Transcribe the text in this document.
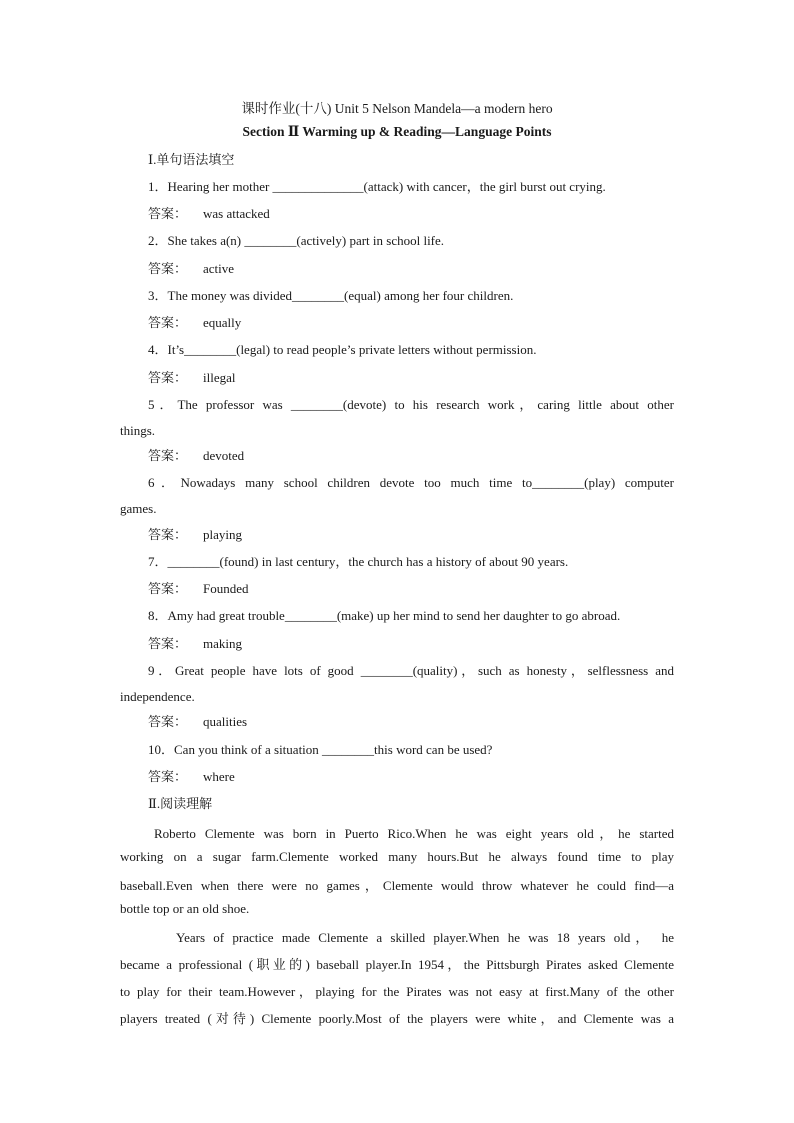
课时作业(十八) Unit 5 Nelson Mandela—a modern hero
Section Ⅱ Warming up & Reading—Language Points
Ⅰ.单句语法填空
1．Hearing her mother ______________(attack) with cancer，the girl burst out crying.
答案： was attacked
2．She takes a(n) ________(actively) part in school life.
答案： active
3．The money was divided________(equal) among her four children.
答案： equally
4．It’s________(legal) to read people’s private letters without permission.
答案： illegal
5．The professor was ________(devote) to his research work，caring little about other
things.
答案： devoted
6．Nowadays many school children devote too much time to________(play) computer
games.
答案： playing
7．________(found) in last century，the church has a history of about 90 years.
答案： Founded
8．Amy had great trouble________(make) up her mind to send her daughter to go abroad.
答案： making
9．Great people have lots of good ________(quality)，such as honesty，selflessness and
independence.
答案： qualities
10．Can you think of a situation ________this word can be used?
答案： where
Ⅱ.阅读理解
Roberto Clemente was born in Puerto Rico.When he was eight years old，he started
working on a sugar farm.Clemente worked many hours.But he always found time to play
baseball.Even when there were no games，Clemente would throw whatever he could find—a
bottle top or an old shoe.
Years of practice made Clemente a skilled player.When he was 18 years old， he
became a professional (职业的) baseball player.In 1954，the Pittsburgh Pirates asked Clemente
to play for their team.However，playing for the Pirates was not easy at first.Many of the other
players treated (对待) Clemente poorly.Most of the players were white，and Clemente was a
